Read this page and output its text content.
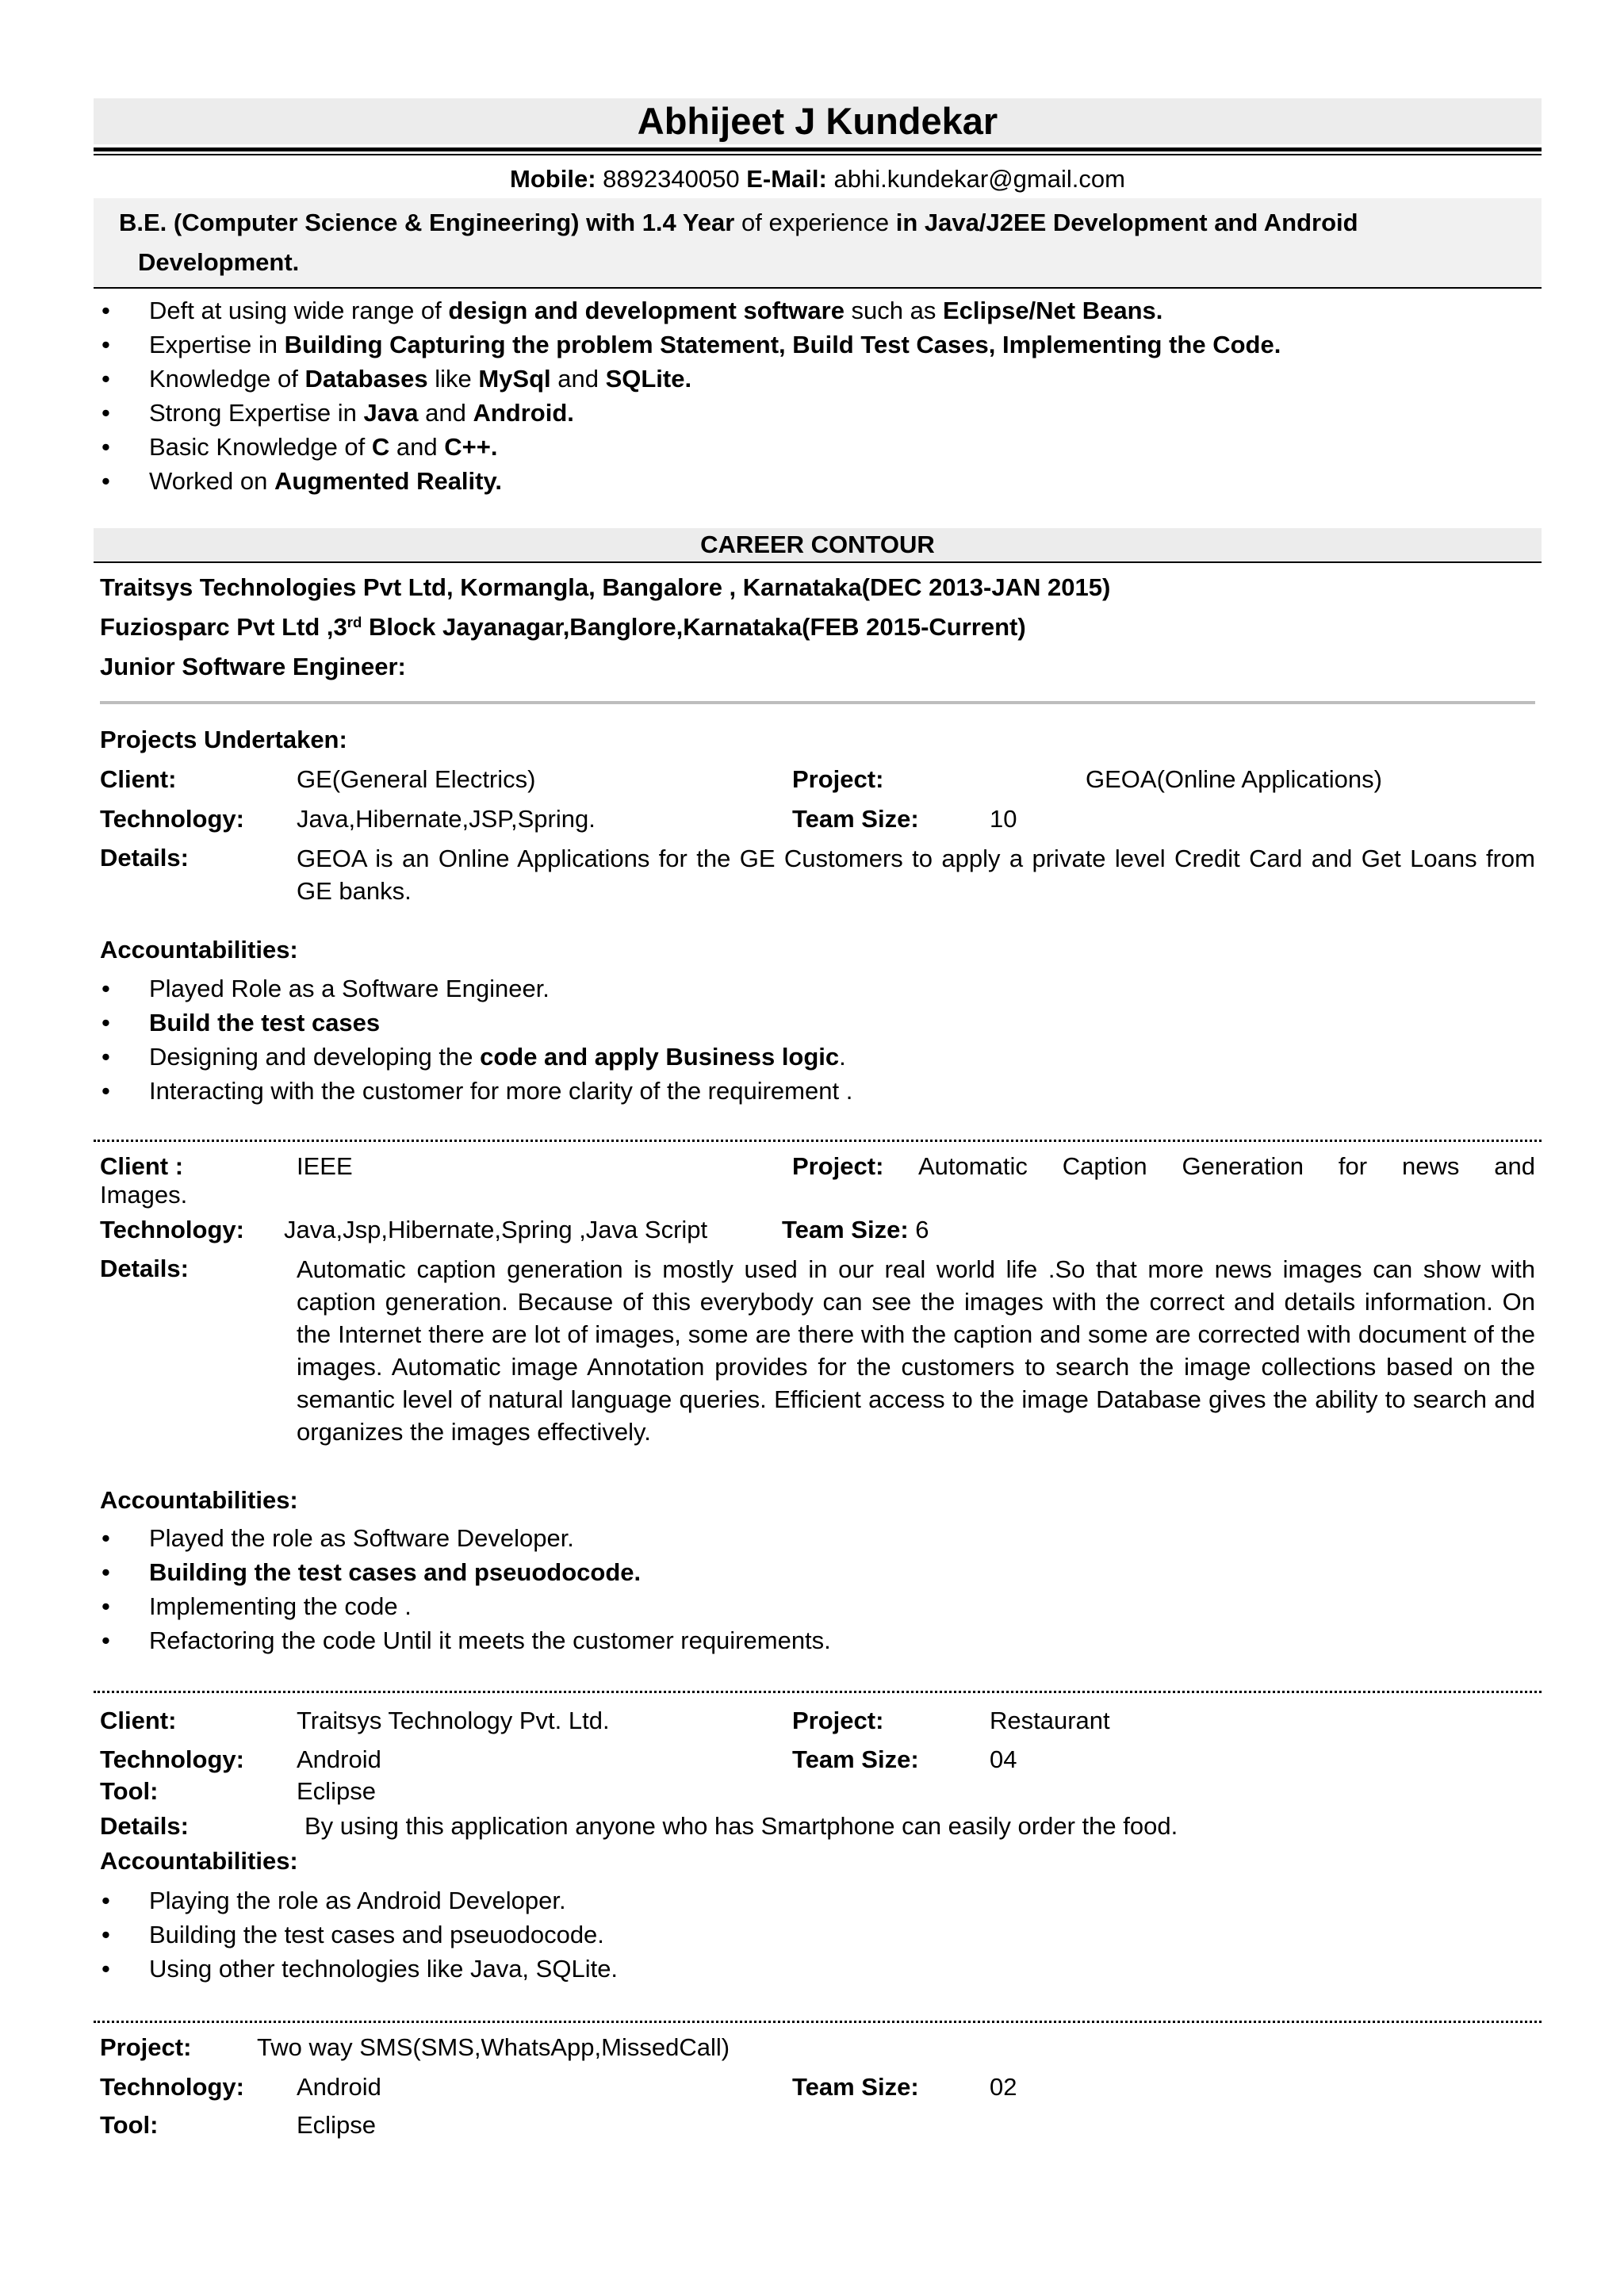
Abhijeet J Kundekar
Mobile: 8892340050 E-Mail: abhi.kundekar@gmail.com
B.E. (Computer Science & Engineering) with 1.4 Year of experience in Java/J2EE Development and Android
Development.
• Deft at using wide range of design and development software such as Eclipse/Net Beans.
• Expertise in Building Capturing the problem Statement, Build Test Cases, Implementing the Code.
• Knowledge of Databases like MySql and SQLite.
• Strong Expertise in Java and Android.
• Basic Knowledge of C and C++.
• Worked on Augmented Reality.
CAREER CONTOUR
Traitsys Technologies Pvt Ltd, Kormangla, Bangalore , Karnataka(DEC 2013-JAN 2015)
Fuziosparc Pvt Ltd ,3rd Block Jayanagar,Banglore,Karnataka(FEB 2015-Current)
Junior Software Engineer:
Projects Undertaken:
Client:	GE(General Electrics)	Project:	GEOA(Online Applications)
Technology: Java,Hibernate,JSP,Spring.	Team Size:	10
Details:	GEOA is an Online Applications for the GE Customers to apply a private level Credit Card and Get Loans from GE banks.
Accountabilities:
• Played Role as a Software Engineer.
• Build the test cases
• Designing and developing the code and apply Business logic.
• Interacting with the customer for more clarity of the requirement .
Client :	IEEE	Project: Automatic Caption Generation for news and
Images.
Technology: Java,Jsp,Hibernate,Spring ,Java Script	Team Size: 6
Details:	Automatic caption generation is mostly used in our real world life .So that more news images can show with caption generation. Because of this everybody can see the images with the correct and details information. On the Internet there are lot of images, some are there with the caption and some are corrected with document of the images. Automatic image Annotation provides for the customers to search the image collections based on the semantic level of natural language queries. Efficient access to the image Database gives the ability to search and organizes the images effectively.
Accountabilities:
• Played the role as Software Developer.
• Building the test cases and pseuodocode.
• Implementing the code .
• Refactoring the code Until it meets the customer requirements.
Client:	Traitsys Technology Pvt. Ltd.	Project:	Restaurant
Technology: Android	Team Size:	04
Tool:	Eclipse
Details:	By using this application anyone who has Smartphone can easily order the food.
Accountabilities:
• Playing the role as Android Developer.
• Building the test cases and pseuodocode.
• Using other technologies like Java, SQLite.
Project:	Two way SMS(SMS,WhatsApp,MissedCall)
Technology: Android	Team Size:	02
Tool:	Eclipse
